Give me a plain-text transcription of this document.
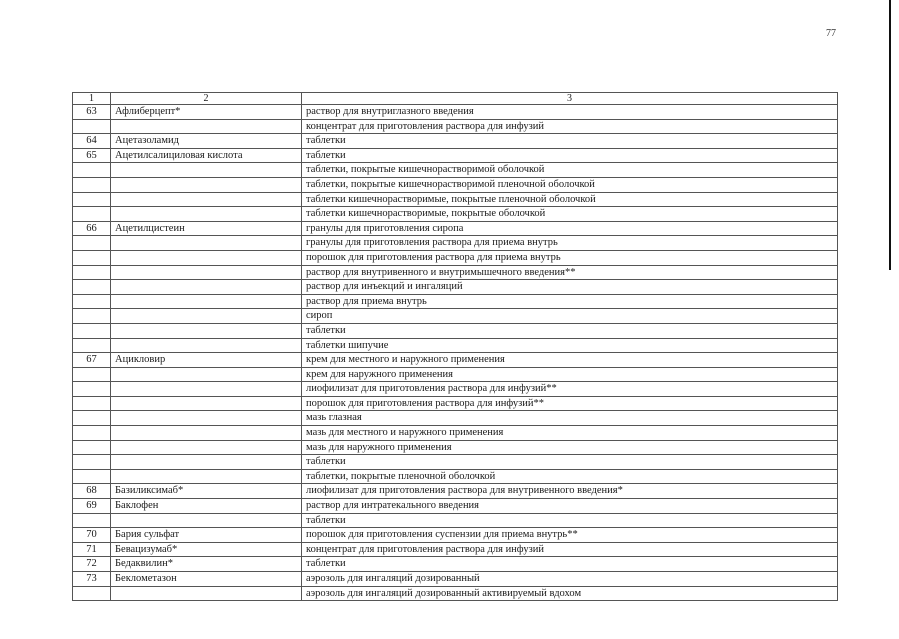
77
1	2	3
63	Афлиберцепт*	раствор для внутриглазного введения
		концентрат для приготовления раствора для инфузий
64	Ацетазоламид	таблетки
65	Ацетилсалициловая кислота	таблетки
		таблетки, покрытые кишечнорастворимой оболочкой
		таблетки, покрытые кишечнорастворимой пленочной оболочкой
		таблетки кишечнорастворимые, покрытые пленочной оболочкой
		таблетки кишечнорастворимые, покрытые оболочкой
66	Ацетилцистеин	гранулы для приготовления сиропа
		гранулы для приготовления раствора для приема внутрь
		порошок для приготовления раствора для приема внутрь
		раствор для внутривенного и внутримышечного введения**
		раствор для инъекций и ингаляций
		раствор для приема внутрь
		сироп
		таблетки
		таблетки шипучие
67	Ацикловир	крем для местного и наружного применения
		крем для наружного применения
		лиофилизат для приготовления раствора для инфузий**
		порошок для приготовления раствора для инфузий**
		мазь глазная
		мазь для местного и наружного применения
		мазь для наружного применения
		таблетки
		таблетки, покрытые пленочной оболочкой
68	Базиликсимаб*	лиофилизат для приготовления раствора для внутривенного введения*
69	Баклофен	раствор для интратекального введения
		таблетки
70	Бария сульфат	порошок для приготовления суспензии для приема внутрь**
71	Бевацизумаб*	концентрат для приготовления раствора для инфузий
72	Бедаквилин*	таблетки
73	Беклометазон	аэрозоль для ингаляций дозированный
		аэрозоль для ингаляций дозированный активируемый вдохом
